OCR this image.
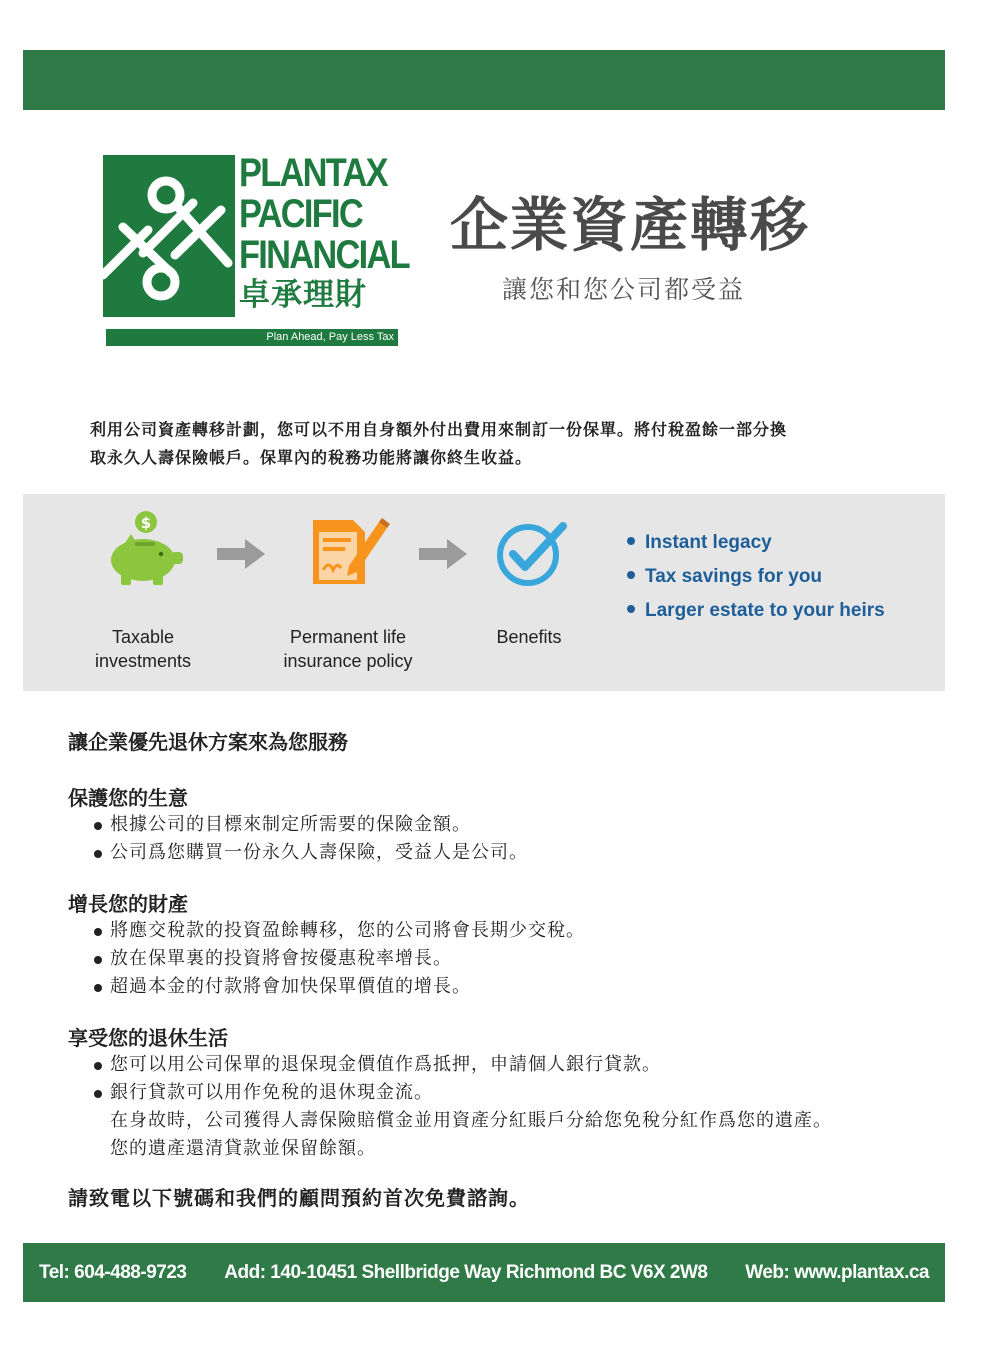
PLANTAX
PACIFIC
FINANCIAL
卓承理財
Plan Ahead, Pay Less Tax
企業資產轉移
讓您和您公司都受益

利用公司資產轉移計劃，您可以不用自身額外付出費用來制訂一份保單。將付稅盈餘一部分換

取永久人壽保險帳戶。保單內的稅務功能將讓你終生收益。

$
Taxable
investments
Permanent life
insurance policy
Benefits
Instant legacy
Tax savings for you
Larger estate to your heirs
讓企業優先退休方案來為您服務
保護您的生意
根據公司的目標來制定所需要的保險金額。
公司爲您購買一份永久人壽保險，受益人是公司。
增長您的財產
將應交稅款的投資盈餘轉移，您的公司將會長期少交稅。
放在保單裏的投資將會按優惠稅率增長。
超過本金的付款將會加快保單價值的增長。
享受您的退休生活
您可以用公司保單的退保現金價值作爲抵押，申請個人銀行貸款。
銀行貸款可以用作免稅的退休現金流。
在身故時，公司獲得人壽保險賠償金並用資產分紅賬戶分給您免稅分紅作爲您的遺產。
您的遺產還清貸款並保留餘額。
請致電以下號碼和我們的顧問預約首次免費諮詢。
Tel: 604-488-9723 Add: 140-10451 Shellbridge Way Richmond BC V6X 2W8 Web: www.plantax.ca
